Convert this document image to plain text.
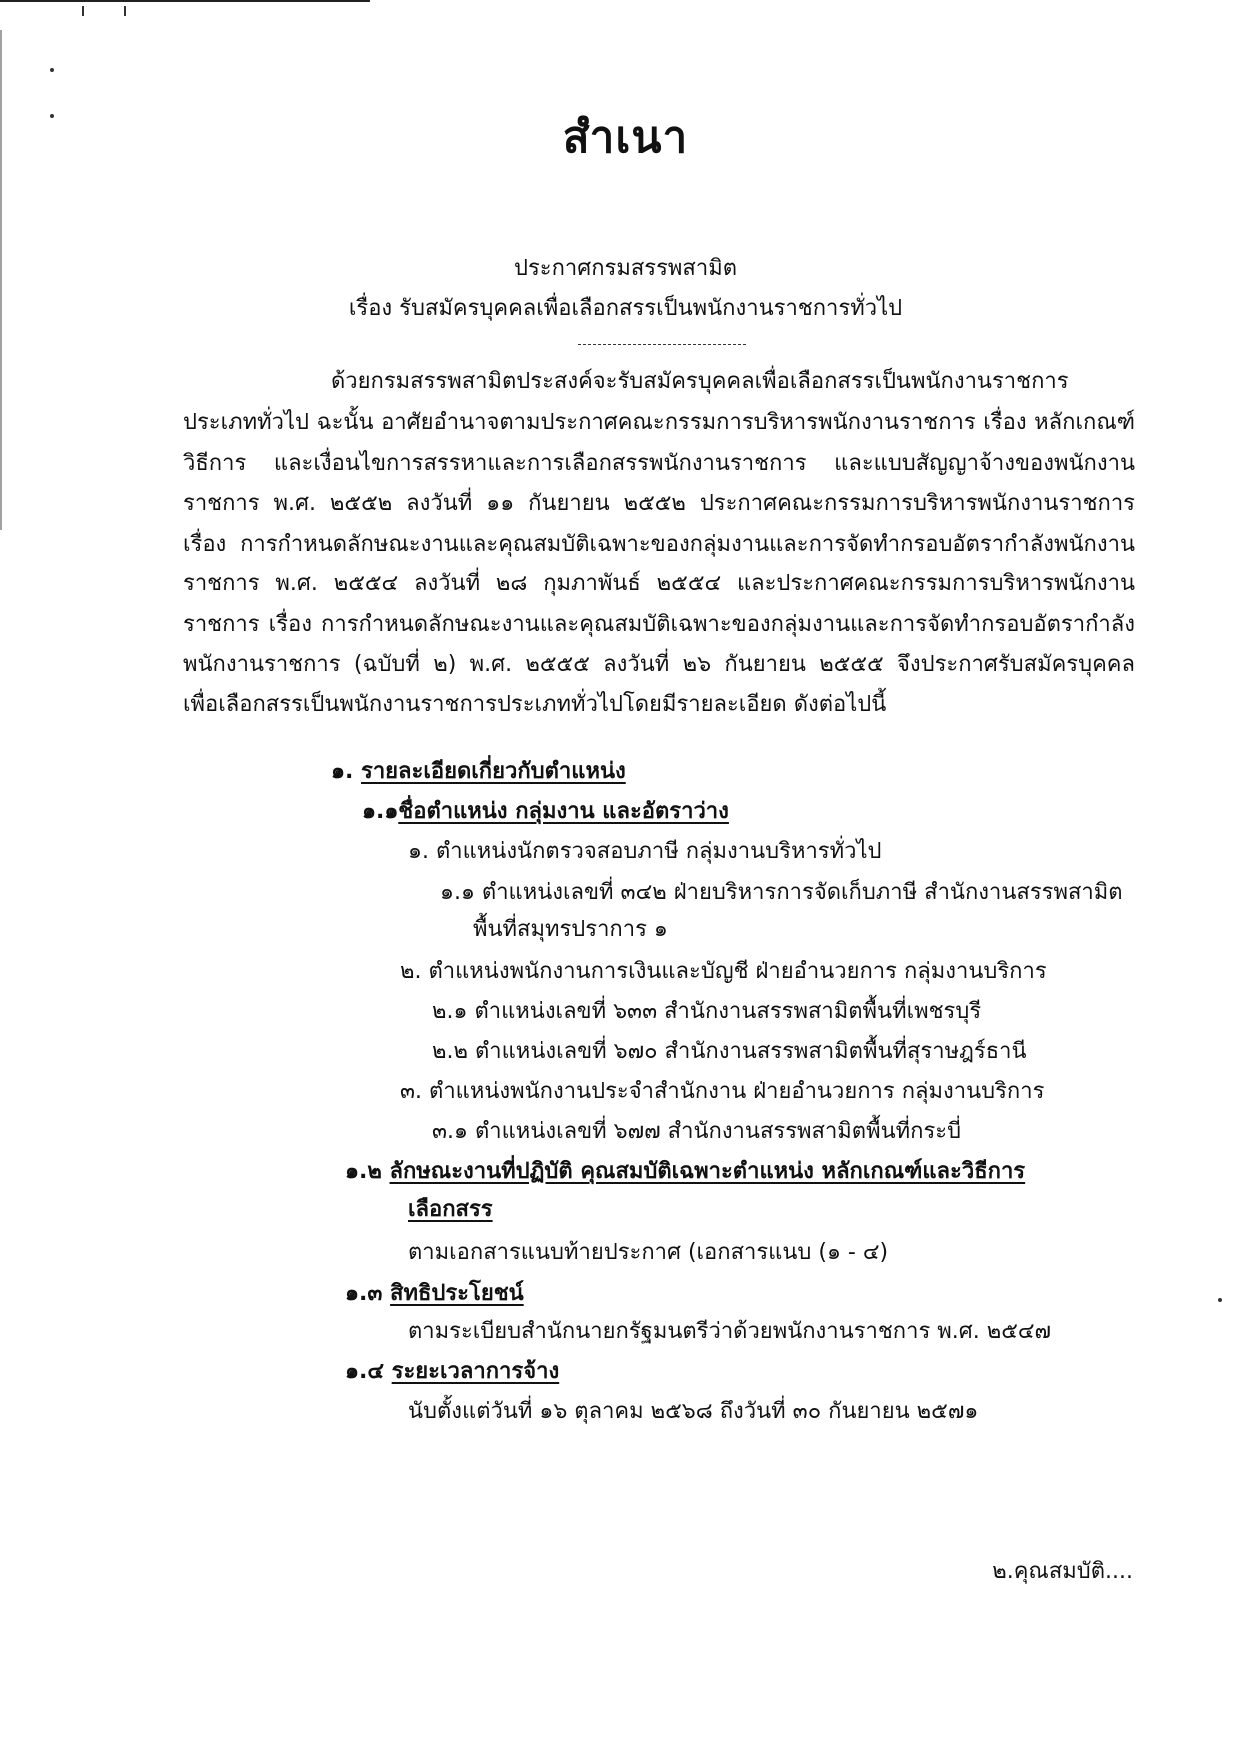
สำเนา
ประกาศกรมสรรพสามิต
เรื่อง รับสมัครบุคคลเพื่อเลือกสรรเป็นพนักงานราชการทั่วไป
ด้วยกรมสรรพสามิตประสงค์จะรับสมัครบุคคลเพื่อเลือกสรรเป็นพนักงานราชการ
ประเภททั่วไป ฉะนั้น อาศัยอำนาจตามประกาศคณะกรรมการบริหารพนักงานราชการ เรื่อง หลักเกณฑ์
วิธีการ และเงื่อนไขการสรรหาและการเลือกสรรพนักงานราชการ และแบบสัญญาจ้างของพนักงาน
ราชการ พ.ศ. ๒๕๕๒ ลงวันที่ ๑๑ กันยายน ๒๕๕๒ ประกาศคณะกรรมการบริหารพนักงานราชการ
เรื่อง การกำหนดลักษณะงานและคุณสมบัติเฉพาะของกลุ่มงานและการจัดทำกรอบอัตรากำลังพนักงาน
ราชการ พ.ศ. ๒๕๕๔ ลงวันที่ ๒๘ กุมภาพันธ์ ๒๕๕๔ และประกาศคณะกรรมการบริหารพนักงาน
ราชการ เรื่อง การกำหนดลักษณะงานและคุณสมบัติเฉพาะของกลุ่มงานและการจัดทำกรอบอัตรากำลัง
พนักงานราชการ (ฉบับที่ ๒) พ.ศ. ๒๕๕๕ ลงวันที่ ๒๖ กันยายน ๒๕๕๕ จึงประกาศรับสมัครบุคคล
เพื่อเลือกสรรเป็นพนักงานราชการประเภททั่วไปโดยมีรายละเอียด ดังต่อไปนี้
๑. รายละเอียดเกี่ยวกับตำแหน่ง
๑.๑ชื่อตำแหน่ง กลุ่มงาน และอัตราว่าง
๑. ตำแหน่งนักตรวจสอบภาษี กลุ่มงานบริหารทั่วไป
๑.๑ ตำแหน่งเลขที่ ๓๔๒ ฝ่ายบริหารการจัดเก็บภาษี สำนักงานสรรพสามิต
พื้นที่สมุทรปราการ ๑
๒. ตำแหน่งพนักงานการเงินและบัญชี ฝ่ายอำนวยการ กลุ่มงานบริการ
๒.๑ ตำแหน่งเลขที่ ๖๓๓ สำนักงานสรรพสามิตพื้นที่เพชรบุรี
๒.๒ ตำแหน่งเลขที่ ๖๗๐ สำนักงานสรรพสามิตพื้นที่สุราษฎร์ธานี
๓. ตำแหน่งพนักงานประจำสำนักงาน ฝ่ายอำนวยการ กลุ่มงานบริการ
๓.๑ ตำแหน่งเลขที่ ๖๗๗ สำนักงานสรรพสามิตพื้นที่กระบี่
๑.๒ ลักษณะงานที่ปฏิบัติ คุณสมบัติเฉพาะตำแหน่ง หลักเกณฑ์และวิธีการ
เลือกสรร
ตามเอกสารแนบท้ายประกาศ (เอกสารแนบ (๑ - ๔)
๑.๓ สิทธิประโยชน์
ตามระเบียบสำนักนายกรัฐมนตรีว่าด้วยพนักงานราชการ พ.ศ. ๒๕๔๗
๑.๔ ระยะเวลาการจ้าง
นับตั้งแต่วันที่ ๑๖ ตุลาคม ๒๕๖๘ ถึงวันที่ ๓๐ กันยายน ๒๕๗๑
๒.คุณสมบัติ....
